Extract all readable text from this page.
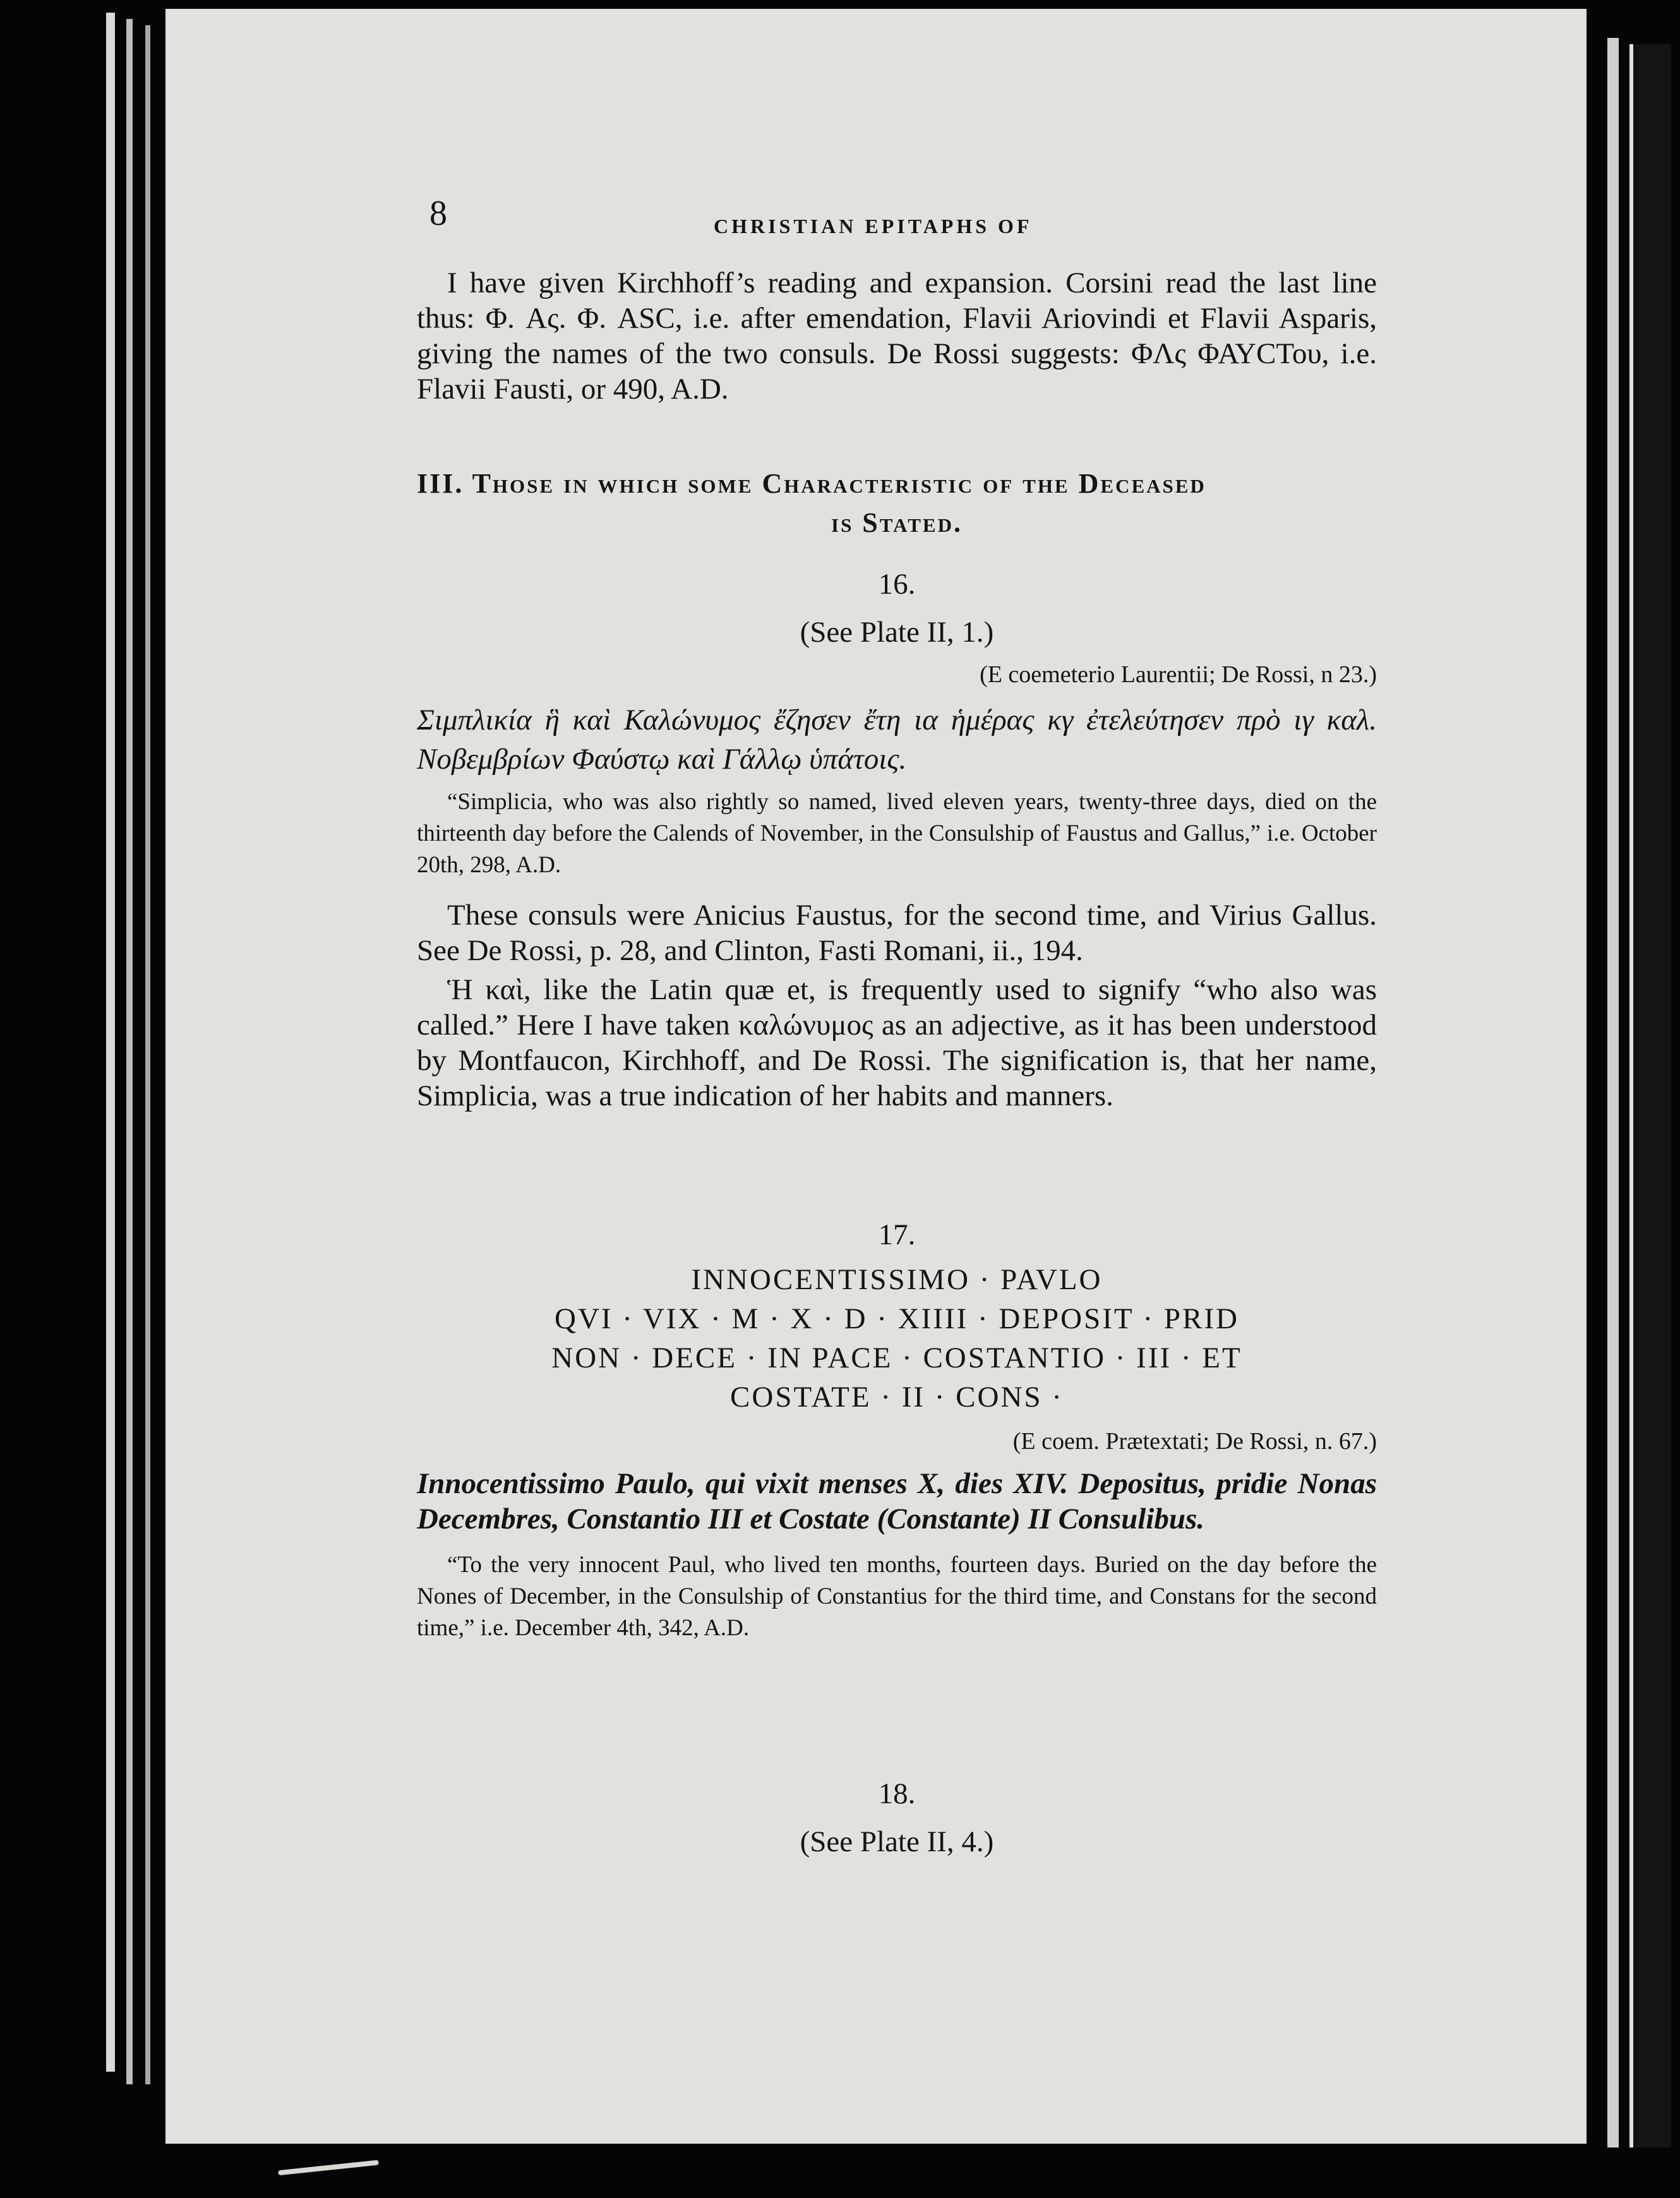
8	CHRISTIAN EPITAPHS OF

I have given Kirchhoff’s reading and expansion. Corsini read the last line thus: Φ. Aς. Φ. ASC, i.e. after emendation, Flavii Ariovindi et Flavii Asparis, giving the names of the two consuls. De Rossi suggests: ΦΛς ΦΑΥCΤου, i.e. Flavii Fausti, or 490, A.D.

III. Those in which some Characteristic of the Deceased

is Stated.

16.

(See Plate II, 1.)

(E coemeterio Laurentii; De Rossi, n 23.)

Σιμπλικία ἣ καὶ Καλώνυμος ἔζησεν ἔτη ια ἡμέρας κγ ἐτελεύτησεν πρὸ ιγ καλ. Νοβεμβρίων Φαύστῳ καὶ Γάλλῳ ὑπάτοις.

“Simplicia, who was also rightly so named, lived eleven years, twenty-three days, died on the thirteenth day before the Calends of November, in the Consulship of Faustus and Gallus,” i.e. October 20th, 298, A.D.

These consuls were Anicius Faustus, for the second time, and Virius Gallus. See De Rossi, p. 28, and Clinton, Fasti Romani, ii., 194.

Ἡ καὶ, like the Latin quæ et, is frequently used to signify “who also was called.” Here I have taken καλώνυμος as an adjective, as it has been understood by Montfaucon, Kirchhoff, and De Rossi. The signification is, that her name, Simplicia, was a true indication of her habits and manners.

17.

INNOCENTISSIMO · PAVLO

QVI · VIX · M · X · D · XIIII · DEPOSIT · PRID

NON · DECE · IN PACE · COSTANTIO · III · ET

COSTATE · II · CONS ·

(E coem. Prætextati; De Rossi, n. 67.)

Innocentissimo Paulo, qui vixit menses X, dies XIV. Depositus, pridie Nonas Decembres, Constantio III et Costate (Constante) II Consulibus.

“To the very innocent Paul, who lived ten months, fourteen days. Buried on the day before the Nones of December, in the Consulship of Constantius for the third time, and Constans for the second time,” i.e. December 4th, 342, A.D.

18.

(See Plate II, 4.)
